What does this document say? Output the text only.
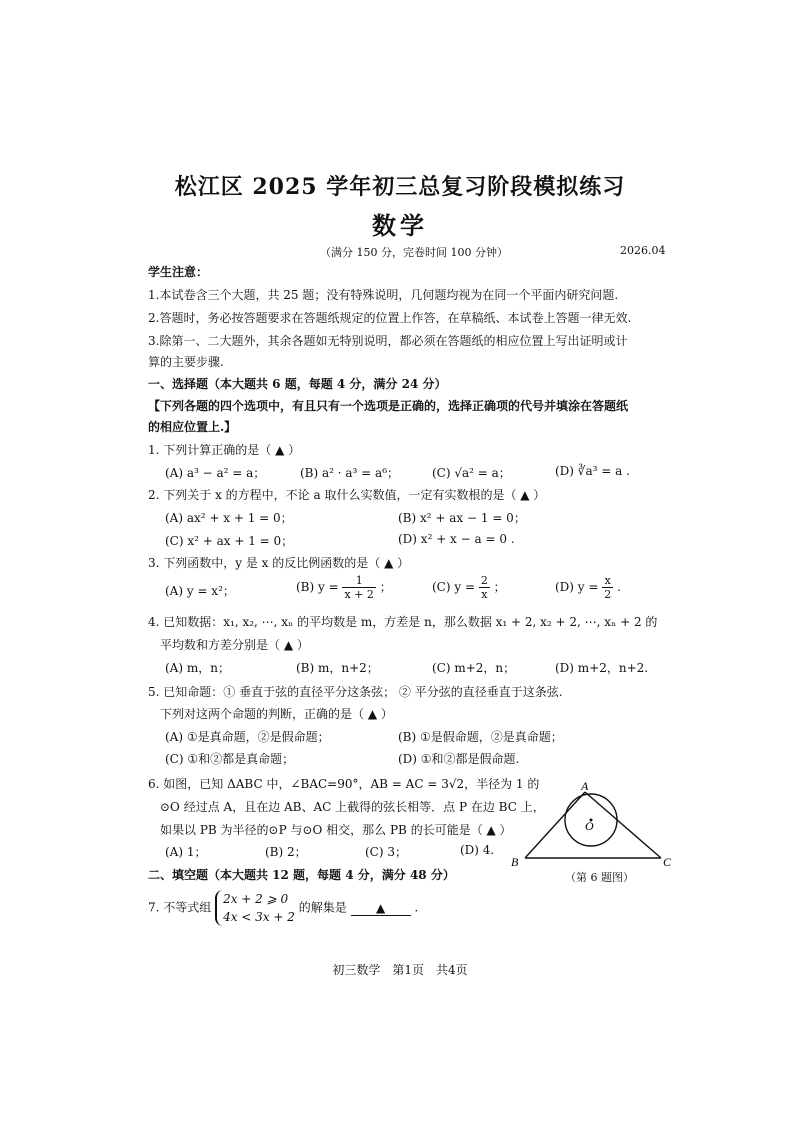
松江区 2025 学年初三总复习阶段模拟练习
数学
（满分 150 分，完卷时间 100 分钟）	2026.04
学生注意：
1.本试卷含三个大题，共 25 题；没有特殊说明，几何题均视为在同一个平面内研究问题.
2.答题时，务必按答题要求在答题纸规定的位置上作答，在草稿纸、本试卷上答题一律无效.
3.除第一、二大题外，其余各题如无特别说明，都必须在答题纸的相应位置上写出证明或计
算的主要步骤.
一、选择题（本大题共 6 题，每题 4 分，满分 24 分）
【下列各题的四个选项中，有且只有一个选项是正确的，选择正确项的代号并填涂在答题纸
的相应位置上.】
1. 下列计算正确的是（ ▲ ）
(A) a³ − a² = a；	(B) a² · a³ = a⁶；	(C) √a² = a；	(D) ∛a³ = a .
2. 下列关于 x 的方程中，不论 a 取什么实数值，一定有实数根的是（ ▲ ）
(A) ax² + x + 1 = 0；	(B) x² + ax − 1 = 0；
(C) x² + ax + 1 = 0；	(D) x² + x − a = 0 .
3. 下列函数中，y 是 x 的反比例函数的是（ ▲ ）
(A) y = x²；	(B) $y = \frac{1}{x + 2}$ ；	(C) $y = \frac{2}{x}$ ；	(D) $y = \frac{x}{2}$ .
4. 已知数据：x₁, x₂, ⋯, xₙ 的平均数是 m，方差是 n，那么数据 x₁ + 2, x₂ + 2, ⋯, xₙ + 2 的
平均数和方差分别是（ ▲ ）
(A) m，n；	(B) m，n+2；	(C) m+2，n；	(D) m+2，n+2.
5. 已知命题：① 垂直于弦的直径平分这条弦； ② 平分弦的直径垂直于这条弦.
下列对这两个命题的判断，正确的是（ ▲ ）
(A) ①是真命题，②是假命题；	(B) ①是假命题，②是真命题；
(C) ①和②都是真命题；	(D) ①和②都是假命题.
6. 如图，已知 ΔABC 中，∠BAC=90°，AB = AC = 3√2，半径为 1 的
⊙O 经过点 A，且在边 AB、AC 上截得的弦长相等．点 P 在边 BC 上，
如果以 PB 为半径的⊙P 与⊙O 相交，那么 PB 的长可能是（ ▲ ）
(A) 1；	(B) 2；	(C) 3；	(D) 4.
A
B	C
O
（第 6 题图）
二、填空题（本大题共 12 题，每题 4 分，满分 48 分）
7. 不等式组
2x + 2 ⩾ 0
4x < 3x + 2
的解集是 ▲ .
初三数学　第1页　共4页
